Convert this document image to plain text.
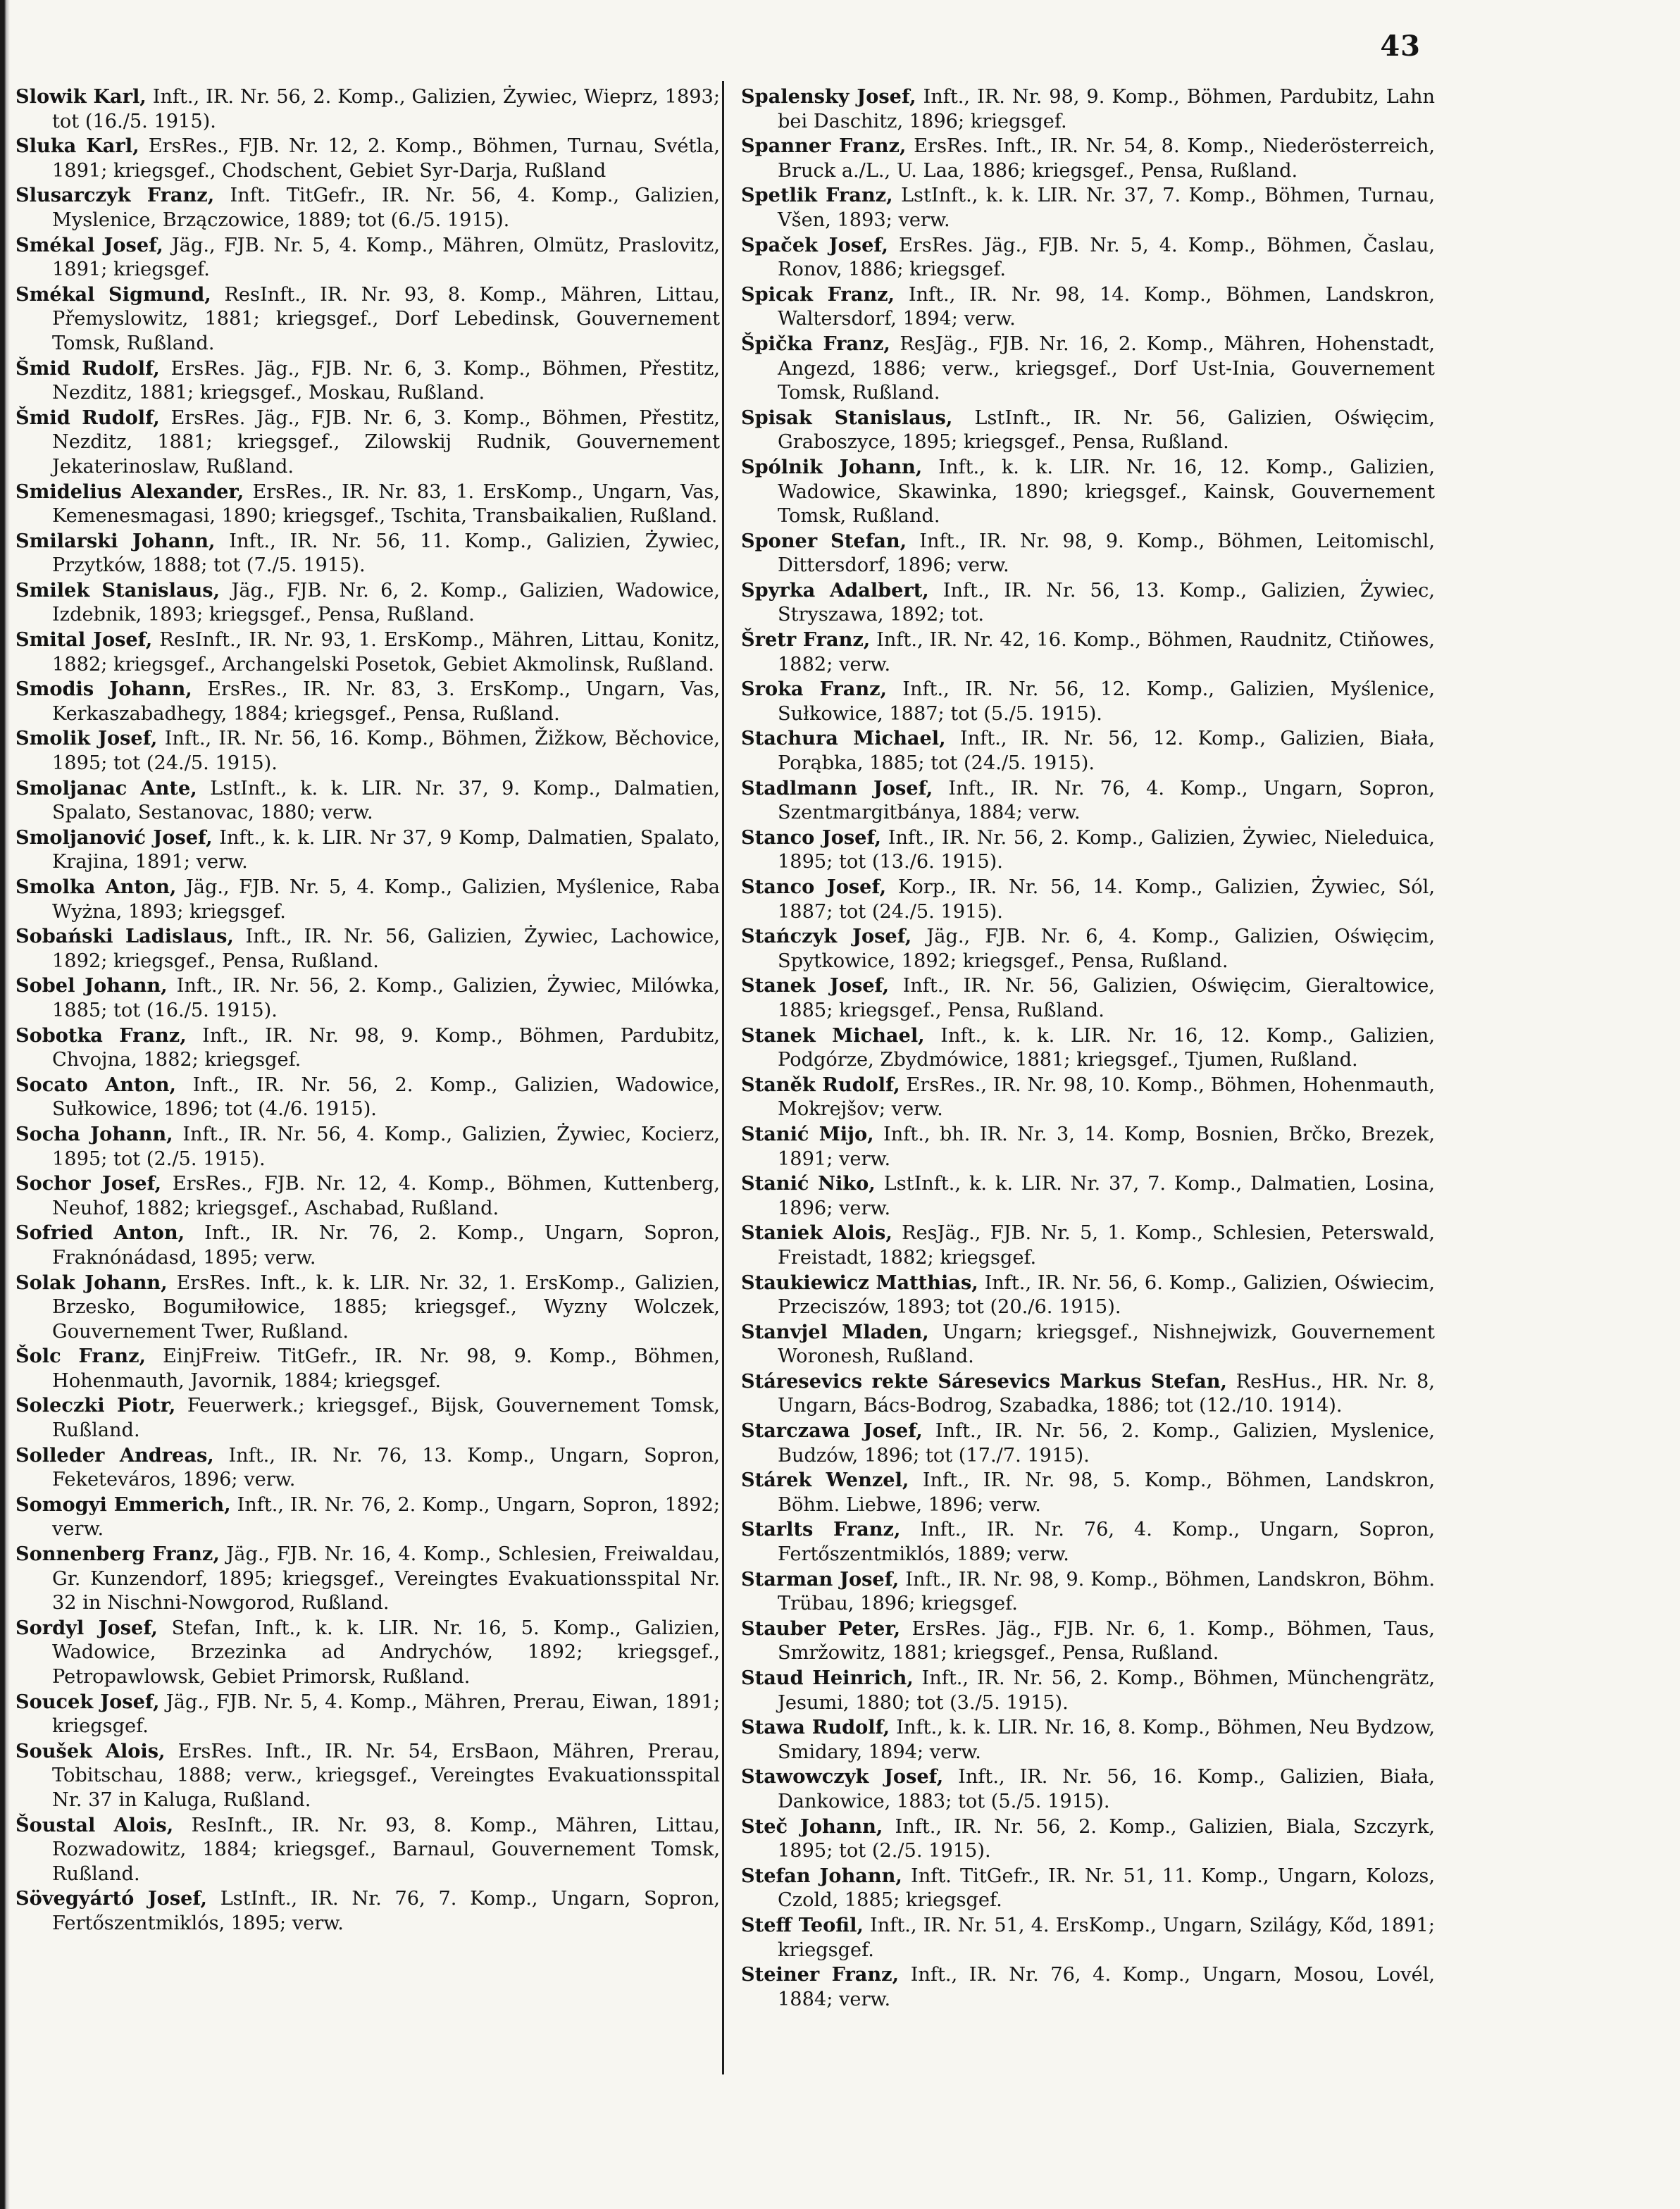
43

Slowik Karl, Inft., IR. Nr. 56, 2. Komp., Galizien, Żywiec, Wieprz, 1893; tot (16./5. 1915).

Sluka Karl, ErsRes., FJB. Nr. 12, 2. Komp., Böhmen, Turnau, Svétla, 1891; kriegsgef., Chodschent, Gebiet Syr-Darja, Rußland

Slusarczyk Franz, Inft. TitGefr., IR. Nr. 56, 4. Komp., Galizien, Myslenice, Brzączowice, 1889; tot (6./5. 1915).

Smékal Josef, Jäg., FJB. Nr. 5, 4. Komp., Mähren, Olmütz, Praslovitz, 1891; kriegsgef.

Smékal Sigmund, ResInft., IR. Nr. 93, 8. Komp., Mähren, Littau, Přemyslowitz, 1881; kriegsgef., Dorf Lebedinsk, Gouvernement Tomsk, Rußland.

Šmid Rudolf, ErsRes. Jäg., FJB. Nr. 6, 3. Komp., Böhmen, Přestitz, Nezditz, 1881; kriegsgef., Moskau, Rußland.

Šmid Rudolf, ErsRes. Jäg., FJB. Nr. 6, 3. Komp., Böhmen, Přestitz, Nezditz, 1881; kriegsgef., Zilowskij Rudnik, Gouvernement Jekaterinoslaw, Rußland.

Smidelius Alexander, ErsRes., IR. Nr. 83, 1. ErsKomp., Ungarn, Vas, Kemenesmagasi, 1890; kriegsgef., Tschita, Transbaikalien, Rußland.

Smilarski Johann, Inft., IR. Nr. 56, 11. Komp., Galizien, Żywiec, Przytków, 1888; tot (7./5. 1915).

Smilek Stanislaus, Jäg., FJB. Nr. 6, 2. Komp., Galizien, Wadowice, Izdebnik, 1893; kriegsgef., Pensa, Rußland.

Smital Josef, ResInft., IR. Nr. 93, 1. ErsKomp., Mähren, Littau, Konitz, 1882; kriegsgef., Archangelski Posetok, Gebiet Akmolinsk, Rußland.

Smodis Johann, ErsRes., IR. Nr. 83, 3. ErsKomp., Ungarn, Vas, Kerkaszabadhegy, 1884; kriegsgef., Pensa, Rußland.

Smolik Josef, Inft., IR. Nr. 56, 16. Komp., Böhmen, Žižkow, Běchovice, 1895; tot (24./5. 1915).

Smoljanac Ante, LstInft., k. k. LIR. Nr. 37, 9. Komp., Dalmatien, Spalato, Sestanovac, 1880; verw.

Smoljanović Josef, Inft., k. k. LIR. Nr 37, 9 Komp, Dalmatien, Spalato, Krajina, 1891; verw.

Smolka Anton, Jäg., FJB. Nr. 5, 4. Komp., Galizien, Myślenice, Raba Wyżna, 1893; kriegsgef.

Sobański Ladislaus, Inft., IR. Nr. 56, Galizien, Żywiec, Lachowice, 1892; kriegsgef., Pensa, Rußland.

Sobel Johann, Inft., IR. Nr. 56, 2. Komp., Galizien, Żywiec, Milówka, 1885; tot (16./5. 1915).

Sobotka Franz, Inft., IR. Nr. 98, 9. Komp., Böhmen, Pardubitz, Chvojna, 1882; kriegsgef.

Socato Anton, Inft., IR. Nr. 56, 2. Komp., Galizien, Wadowice, Sułkowice, 1896; tot (4./6. 1915).

Socha Johann, Inft., IR. Nr. 56, 4. Komp., Galizien, Żywiec, Kocierz, 1895; tot (2./5. 1915).

Sochor Josef, ErsRes., FJB. Nr. 12, 4. Komp., Böhmen, Kuttenberg, Neuhof, 1882; kriegsgef., Aschabad, Rußland.

Sofried Anton, Inft., IR. Nr. 76, 2. Komp., Ungarn, Sopron, Fraknónádasd, 1895; verw.

Solak Johann, ErsRes. Inft., k. k. LIR. Nr. 32, 1. ErsKomp., Galizien, Brzesko, Bogumiłowice, 1885; kriegsgef., Wyzny Wolczek, Gouvernement Twer, Rußland.

Šolc Franz, EinjFreiw. TitGefr., IR. Nr. 98, 9. Komp., Böhmen, Hohenmauth, Javornik, 1884; kriegsgef.

Soleczki Piotr, Feuerwerk.; kriegsgef., Bijsk, Gouvernement Tomsk, Rußland.

Solleder Andreas, Inft., IR. Nr. 76, 13. Komp., Ungarn, Sopron, Feketeváros, 1896; verw.

Somogyi Emmerich, Inft., IR. Nr. 76, 2. Komp., Ungarn, Sopron, 1892; verw.

Sonnenberg Franz, Jäg., FJB. Nr. 16, 4. Komp., Schlesien, Freiwaldau, Gr. Kunzendorf, 1895; kriegsgef., Vereingtes Evakuationsspital Nr. 32 in Nischni-Nowgorod, Rußland.

Sordyl Josef, Stefan, Inft., k. k. LIR. Nr. 16, 5. Komp., Galizien, Wadowice, Brzezinka ad Andrychów, 1892; kriegsgef., Petropawlowsk, Gebiet Primorsk, Rußland.

Soucek Josef, Jäg., FJB. Nr. 5, 4. Komp., Mähren, Prerau, Eiwan, 1891; kriegsgef.

Soušek Alois, ErsRes. Inft., IR. Nr. 54, ErsBaon, Mähren, Prerau, Tobitschau, 1888; verw., kriegsgef., Vereingtes Evakuationsspital Nr. 37 in Kaluga, Rußland.

Šoustal Alois, ResInft., IR. Nr. 93, 8. Komp., Mähren, Littau, Rozwadowitz, 1884; kriegsgef., Barnaul, Gouvernement Tomsk, Rußland.

Sövegyártó Josef, LstInft., IR. Nr. 76, 7. Komp., Ungarn, Sopron, Fertőszentmiklós, 1895; verw.

Spalensky Josef, Inft., IR. Nr. 98, 9. Komp., Böhmen, Pardubitz, Lahn bei Daschitz, 1896; kriegsgef.

Spanner Franz, ErsRes. Inft., IR. Nr. 54, 8. Komp., Niederösterreich, Bruck a./L., U. Laa, 1886; kriegsgef., Pensa, Rußland.

Spetlik Franz, LstInft., k. k. LIR. Nr. 37, 7. Komp., Böhmen, Turnau, Všen, 1893; verw.

Spaček Josef, ErsRes. Jäg., FJB. Nr. 5, 4. Komp., Böhmen, Časlau, Ronov, 1886; kriegsgef.

Spicak Franz, Inft., IR. Nr. 98, 14. Komp., Böhmen, Landskron, Waltersdorf, 1894; verw.

Špička Franz, ResJäg., FJB. Nr. 16, 2. Komp., Mähren, Hohenstadt, Angezd, 1886; verw., kriegsgef., Dorf Ust-Inia, Gouvernement Tomsk, Rußland.

Spisak Stanislaus, LstInft., IR. Nr. 56, Galizien, Oświęcim, Graboszyce, 1895; kriegsgef., Pensa, Rußland.

Spólnik Johann, Inft., k. k. LIR. Nr. 16, 12. Komp., Galizien, Wadowice, Skawinka, 1890; kriegsgef., Kainsk, Gouvernement Tomsk, Rußland.

Sponer Stefan, Inft., IR. Nr. 98, 9. Komp., Böhmen, Leitomischl, Dittersdorf, 1896; verw.

Spyrka Adalbert, Inft., IR. Nr. 56, 13. Komp., Galizien, Żywiec, Stryszawa, 1892; tot.

Šretr Franz, Inft., IR. Nr. 42, 16. Komp., Böhmen, Raudnitz, Ctiňowes, 1882; verw.

Sroka Franz, Inft., IR. Nr. 56, 12. Komp., Galizien, Myślenice, Sułkowice, 1887; tot (5./5. 1915).

Stachura Michael, Inft., IR. Nr. 56, 12. Komp., Galizien, Biała, Porąbka, 1885; tot (24./5. 1915).

Stadlmann Josef, Inft., IR. Nr. 76, 4. Komp., Ungarn, Sopron, Szentmargitbánya, 1884; verw.

Stanco Josef, Inft., IR. Nr. 56, 2. Komp., Galizien, Żywiec, Nieleduica, 1895; tot (13./6. 1915).

Stanco Josef, Korp., IR. Nr. 56, 14. Komp., Galizien, Żywiec, Sól, 1887; tot (24./5. 1915).

Stańczyk Josef, Jäg., FJB. Nr. 6, 4. Komp., Galizien, Oświęcim, Spytkowice, 1892; kriegsgef., Pensa, Rußland.

Stanek Josef, Inft., IR. Nr. 56, Galizien, Oświęcim, Gieraltowice, 1885; kriegsgef., Pensa, Rußland.

Stanek Michael, Inft., k. k. LIR. Nr. 16, 12. Komp., Galizien, Podgórze, Zbydmówice, 1881; kriegsgef., Tjumen, Rußland.

Staněk Rudolf, ErsRes., IR. Nr. 98, 10. Komp., Böhmen, Hohenmauth, Mokrejšov; verw.

Stanić Mijo, Inft., bh. IR. Nr. 3, 14. Komp, Bosnien, Brčko, Brezek, 1891; verw.

Stanić Niko, LstInft., k. k. LIR. Nr. 37, 7. Komp., Dalmatien, Losina, 1896; verw.

Staniek Alois, ResJäg., FJB. Nr. 5, 1. Komp., Schlesien, Peterswald, Freistadt, 1882; kriegsgef.

Staukiewicz Matthias, Inft., IR. Nr. 56, 6. Komp., Galizien, Oświecim, Przeciszów, 1893; tot (20./6. 1915).

Stanvjel Mladen, Ungarn; kriegsgef., Nishnejwizk, Gouvernement Woronesh, Rußland.

Stáresevics rekte Sáresevics Markus Stefan, ResHus., HR. Nr. 8, Ungarn, Bács-Bodrog, Szabadka, 1886; tot (12./10. 1914).

Starczawa Josef, Inft., IR. Nr. 56, 2. Komp., Galizien, Myslenice, Budzów, 1896; tot (17./7. 1915).

Stárek Wenzel, Inft., IR. Nr. 98, 5. Komp., Böhmen, Landskron, Böhm. Liebwe, 1896; verw.

Starlts Franz, Inft., IR. Nr. 76, 4. Komp., Ungarn, Sopron, Fertőszentmiklós, 1889; verw.

Starman Josef, Inft., IR. Nr. 98, 9. Komp., Böhmen, Landskron, Böhm. Trübau, 1896; kriegsgef.

Stauber Peter, ErsRes. Jäg., FJB. Nr. 6, 1. Komp., Böhmen, Taus, Smržowitz, 1881; kriegsgef., Pensa, Rußland.

Staud Heinrich, Inft., IR. Nr. 56, 2. Komp., Böhmen, Münchengrätz, Jesumi, 1880; tot (3./5. 1915).

Stawa Rudolf, Inft., k. k. LIR. Nr. 16, 8. Komp., Böhmen, Neu Bydzow, Smidary, 1894; verw.

Stawowczyk Josef, Inft., IR. Nr. 56, 16. Komp., Galizien, Biała, Dankowice, 1883; tot (5./5. 1915).

Steč Johann, Inft., IR. Nr. 56, 2. Komp., Galizien, Biala, Szczyrk, 1895; tot (2./5. 1915).

Stefan Johann, Inft. TitGefr., IR. Nr. 51, 11. Komp., Ungarn, Kolozs, Czold, 1885; kriegsgef.

Steff Teofil, Inft., IR. Nr. 51, 4. ErsKomp., Ungarn, Szilágy, Kőd, 1891; kriegsgef.

Steiner Franz, Inft., IR. Nr. 76, 4. Komp., Ungarn, Mosou, Lovél, 1884; verw.
